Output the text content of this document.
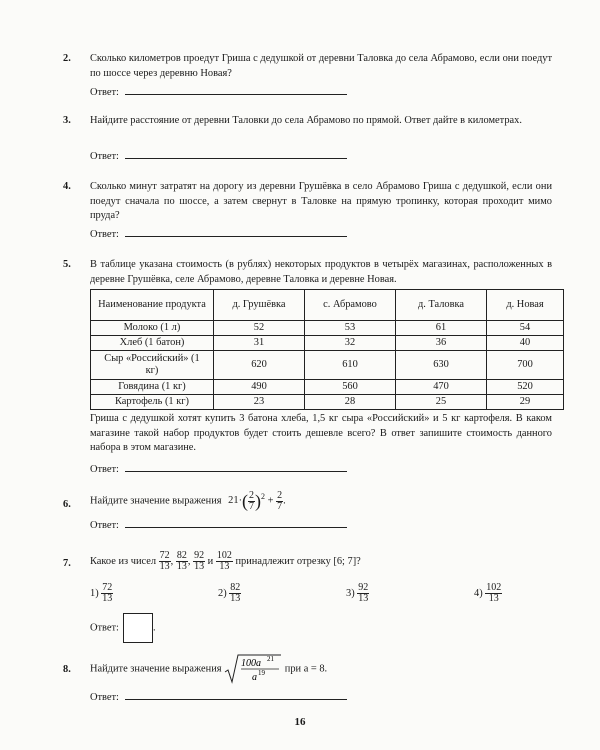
2. Сколько километров проедут Гриша с дедушкой от деревни Таловка до села Абрамово, если они поедут по шоссе через деревню Новая?
Ответ:
3. Найдите расстояние от деревни Таловки до села Абрамово по прямой. Ответ дайте в километрах.
Ответ:
4. Сколько минут затратят на дорогу из деревни Грушёвка в село Абрамово Гриша с дедушкой, если они поедут сначала по шоссе, а затем свернут в Таловке на прямую тропинку, которая проходит мимо пруда?
Ответ:
5. В таблице указана стоимость (в рублях) некоторых продуктов в четырёх магазинах, расположенных в деревне Грушёвка, селе Абрамово, деревне Таловка и деревне Новая.
Наименование продукта	д. Грушёвка	с. Абрамово	д. Таловка	д. Новая
Молоко (1 л)	52	53	61	54
Хлеб (1 батон)	31	32	36	40
Сыр «Российский» (1 кг)	620	610	630	700
Говядина (1 кг)	490	560	470	520
Картофель (1 кг)	23	28	25	29
Гриша с дедушкой хотят купить 3 батона хлеба, 1,5 кг сыра «Российский» и 5 кг картофеля. В каком магазине такой набор продуктов будет стоить дешевле всего? В ответ запишите стоимость данного набора в этом магазине.
Ответ:
6. Найдите значение выражения $21\cdot( \frac{2}{7} )^2 + \frac{2}{7}$ .
Ответ:
7. Какое из чисел $\frac{72}{13}$ , $\frac{82}{13}$ , $\frac{92}{13}$ и $\frac{102}{13}$ принадлежит отрезку [6; 7]?
$1) \frac{72}{13}$	$2) \frac{82}{13}$	$3) \frac{92}{13}$	$4) \frac{102}{13}$
Ответ:	.
8. Найдите значение выражения 100a 21
a 19 при a = 8.
Ответ:
16
